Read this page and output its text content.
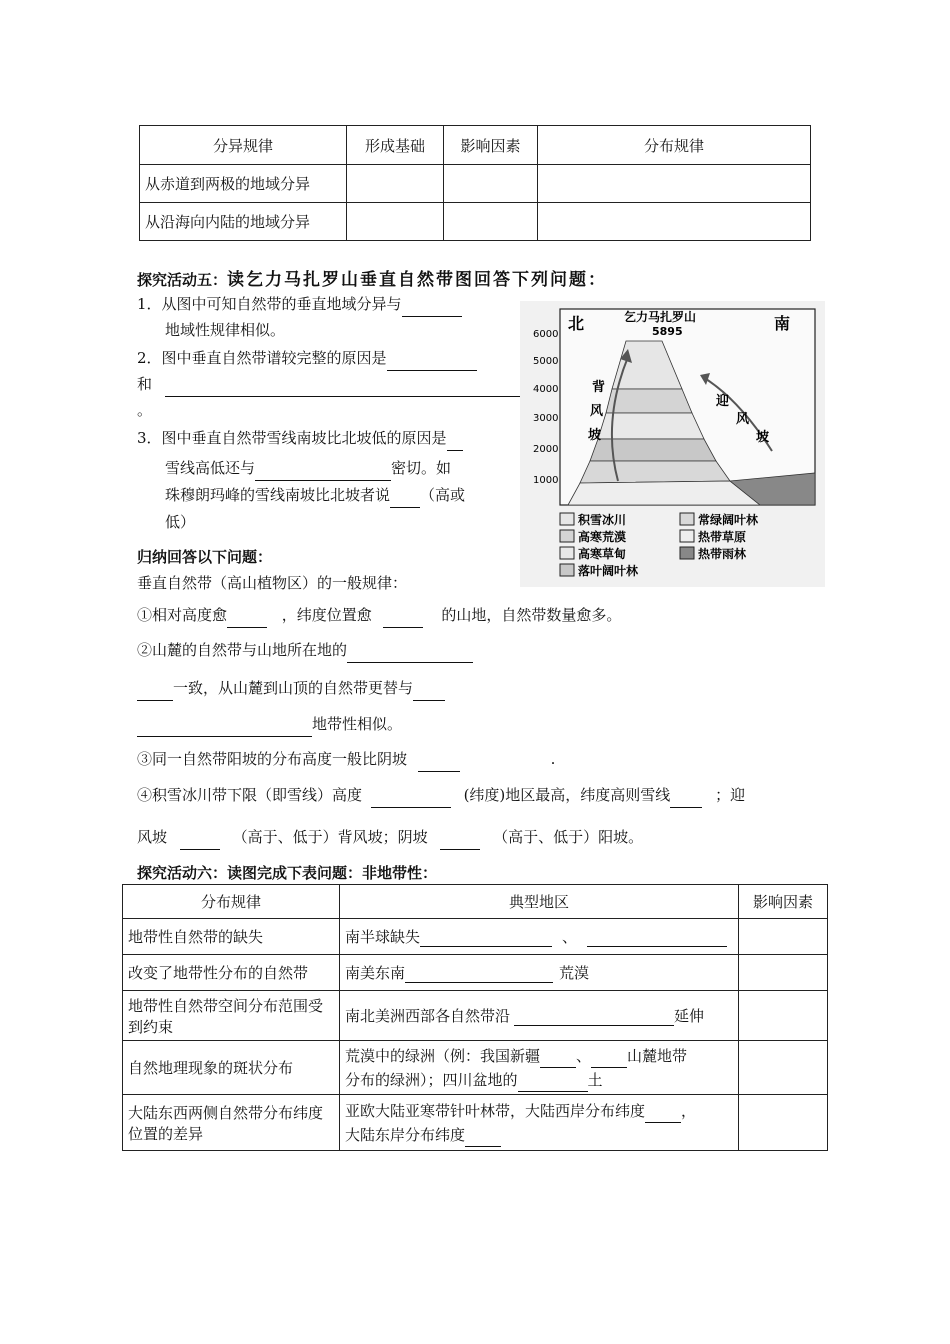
分异规律	形成基础	影响因素	分布规律
从赤道到两极的地域分异			
从沿海向内陆的地域分异			
探究活动五：读乞力马扎罗山垂直自然带图回答下列问题：
1．从图中可知自然带的垂直地域分异与
地域性规律相似。
2．图中垂直自然带谱较完整的原因是
和
。
3．图中垂直自然带雪线南坡比北坡低的原因是
雪线高低还与	密切。如
珠穆朗玛峰的雪线南坡比北坡者说 （高或
低）
北	南
乞力马扎罗山
5895
6000
5000
4000
3000
2000
1000
背
风
坡
迎
风
坡
积雪冰川
高寒荒漠
高寒草甸
落叶阔叶林
常绿阔叶林
热带草原
热带雨林
归纳回答以下问题：
垂直自然带（高山植物区）的一般规律：
①相对高度愈	，纬度位置愈	的山地，自然带数量愈多。
②山麓的自然带与山地所在地的
一致，从山麓到山顶的自然带更替与
地带性相似。
③同一自然带阳坡的分布高度一般比阴坡	.
④积雪冰川带下限（即雪线）高度	(纬度)地区最高，纬度高则雪线	；迎
风坡	（高于、低于）背风坡；阴坡	（高于、低于）阳坡。
探究活动六：读图完成下表问题：非地带性：
分布规律	典型地区	影响因素
地带性自然带的缺失	南半球缺失 、	
改变了地带性分布的自然带	南美东南 荒漠	
地带性自然带空间分布范围受到约束	南北美洲西部各自然带沿 延伸	
自然地理现象的斑状分布	荒漠中的绿洲（例：我国新疆 、 山麓地带
分布的绿洲）；四川盆地的 土	
大陆东西两侧自然带分布纬度位置的差异	亚欧大陆亚寒带针叶林带，大陆西岸分布纬度 ，
大陆东岸分布纬度	
